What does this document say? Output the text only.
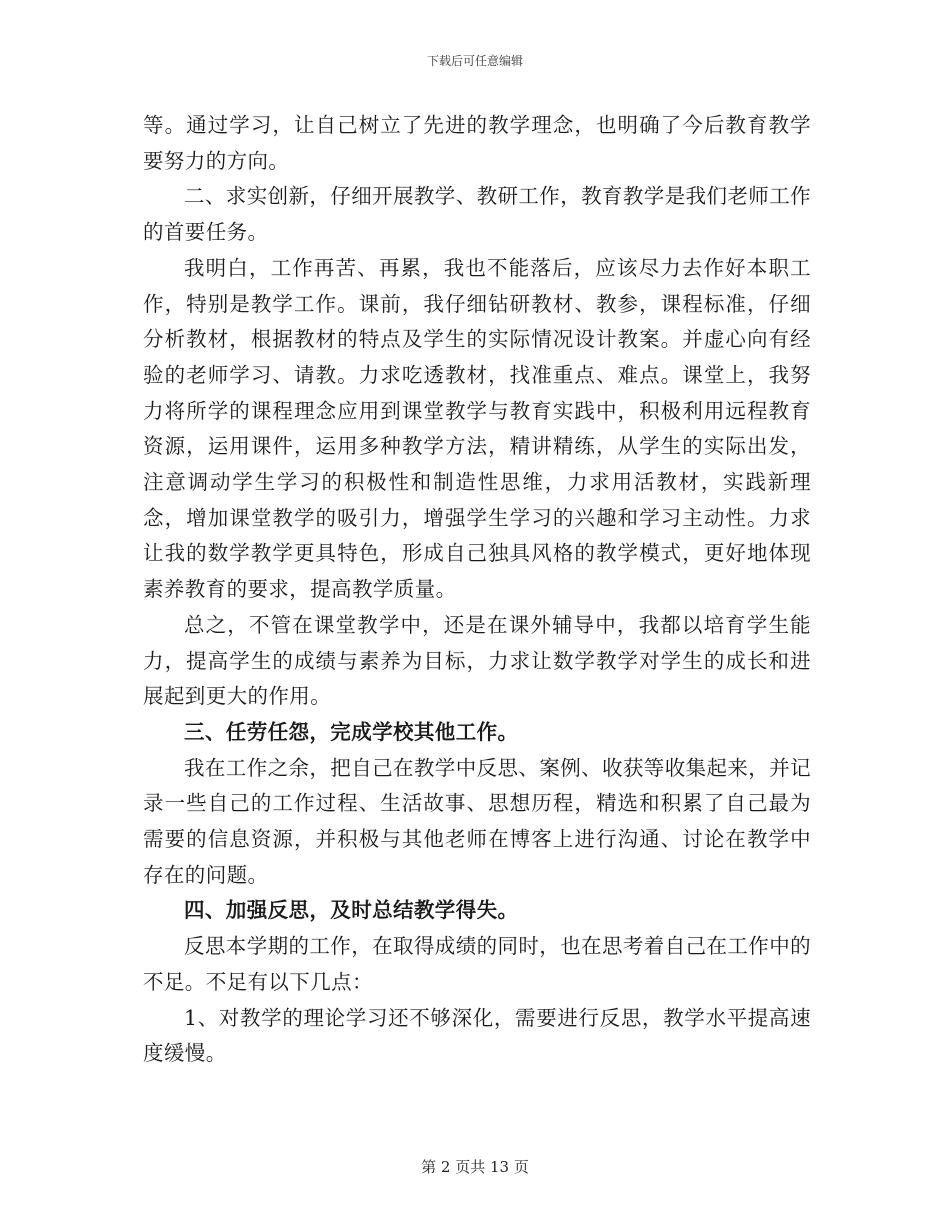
下载后可任意编辑

等。通过学习，让自己树立了先进的教学理念，也明确了今后教育教学要努力的方向。

二、求实创新，仔细开展教学、教研工作，教育教学是我们老师工作的首要任务。

我明白，工作再苦、再累，我也不能落后，应该尽力去作好本职工作，特别是教学工作。课前，我仔细钻研教材、教参，课程标准，仔细分析教材，根据教材的特点及学生的实际情况设计教案。并虚心向有经验的老师学习、请教。力求吃透教材，找准重点、难点。课堂上，我努力将所学的课程理念应用到课堂教学与教育实践中，积极利用远程教育资源，运用课件，运用多种教学方法，精讲精练，从学生的实际出发，注意调动学生学习的积极性和制造性思维，力求用活教材，实践新理念，增加课堂教学的吸引力，增强学生学习的兴趣和学习主动性。力求让我的数学教学更具特色，形成自己独具风格的教学模式，更好地体现素养教育的要求，提高教学质量。

总之，不管在课堂教学中，还是在课外辅导中，我都以培育学生能力，提高学生的成绩与素养为目标，力求让数学教学对学生的成长和进展起到更大的作用。

三、任劳任怨，完成学校其他工作。

我在工作之余，把自己在教学中反思、案例、收获等收集起来，并记录一些自己的工作过程、生活故事、思想历程，精选和积累了自己最为需要的信息资源，并积极与其他老师在博客上进行沟通、讨论在教学中存在的问题。

四、加强反思，及时总结教学得失。

反思本学期的工作，在取得成绩的同时，也在思考着自己在工作中的不足。不足有以下几点：

1、对教学的理论学习还不够深化，需要进行反思，教学水平提高速度缓慢。

第 2 页共 13 页
